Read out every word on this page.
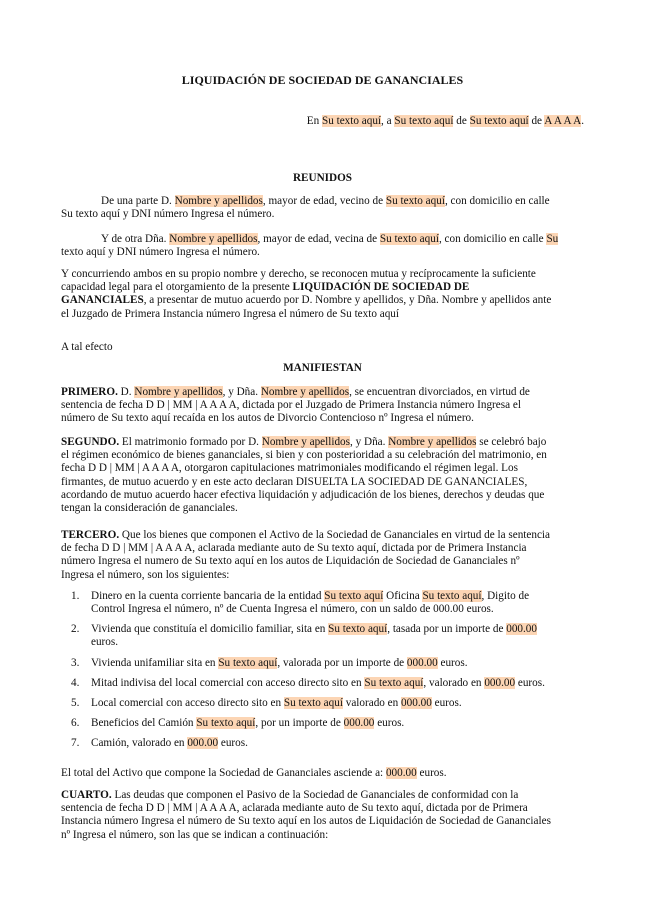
LIQUIDACIÓN DE SOCIEDAD DE GANANCIALES
En Su texto aquí, a Su texto aquí de Su texto aquí de A A A A.
REUNIDOS

De una parte D. Nombre y apellidos, mayor de edad, vecino de Su texto aquí, con domicilio en calle

Su texto aquí y DNI número Ingresa el número.

Y de otra Dña. Nombre y apellidos, mayor de edad, vecina de Su texto aquí, con domicilio en calle Su

texto aquí y DNI número Ingresa el número.

Y concurriendo ambos en su propio nombre y derecho, se reconocen mutua y recíprocamente la suficiente

capacidad legal para el otorgamiento de la presente LIQUIDACIÓN DE SOCIEDAD DE

GANANCIALES, a presentar de mutuo acuerdo por D. Nombre y apellidos, y Dña. Nombre y apellidos ante

el Juzgado de Primera Instancia número Ingresa el número de Su texto aquí

A tal efecto
MANIFIESTAN

PRIMERO. D. Nombre y apellidos, y Dña. Nombre y apellidos, se encuentran divorciados, en virtud de

sentencia de fecha D D | MM | A A A A, dictada por el Juzgado de Primera Instancia número Ingresa el

número de Su texto aquí recaída en los autos de Divorcio Contencioso nº Ingresa el número.

SEGUNDO. El matrimonio formado por D. Nombre y apellidos, y Dña. Nombre y apellidos se celebró bajo

el régimen económico de bienes gananciales, si bien y con posterioridad a su celebración del matrimonio, en

fecha D D | MM | A A A A, otorgaron capitulaciones matrimoniales modificando el régimen legal. Los

firmantes, de mutuo acuerdo y en este acto declaran DISUELTA LA SOCIEDAD DE GANANCIALES,

acordando de mutuo acuerdo hacer efectiva liquidación y adjudicación de los bienes, derechos y deudas que

tengan la consideración de gananciales.

TERCERO. Que los bienes que componen el Activo de la Sociedad de Gananciales en virtud de la sentencia

de fecha D D | MM | A A A A, aclarada mediante auto de Su texto aquí, dictada por de Primera Instancia

número Ingresa el numero de Su texto aquí en los autos de Liquidación de Sociedad de Gananciales nº

Ingresa el número, son los siguientes:

1.	Dinero en la cuenta corriente bancaria de la entidad Su texto aquí Oficina Su texto aquí, Digito de
Control Ingresa el número, nº de Cuenta Ingresa el número, con un saldo de 000.00 euros.
2.	Vivienda que constituía el domicilio familiar, sita en Su texto aquí, tasada por un importe de 000.00
euros.
3.	Vivienda unifamiliar sita en Su texto aquí, valorada por un importe de 000.00 euros.
4.	Mitad indivisa del local comercial con acceso directo sito en Su texto aquí, valorado en 000.00 euros.
5.	Local comercial con acceso directo sito en Su texto aquí valorado en 000.00 euros.
6.	Beneficios del Camión Su texto aquí, por un importe de 000.00 euros.
7.	Camión, valorado en 000.00 euros.
El total del Activo que compone la Sociedad de Gananciales asciende a: 000.00 euros.

CUARTO. Las deudas que componen el Pasivo de la Sociedad de Gananciales de conformidad con la

sentencia de fecha D D | MM | A A A A, aclarada mediante auto de Su texto aquí, dictada por de Primera

Instancia número Ingresa el número de Su texto aquí en los autos de Liquidación de Sociedad de Gananciales

nº Ingresa el número, son las que se indican a continuación:
